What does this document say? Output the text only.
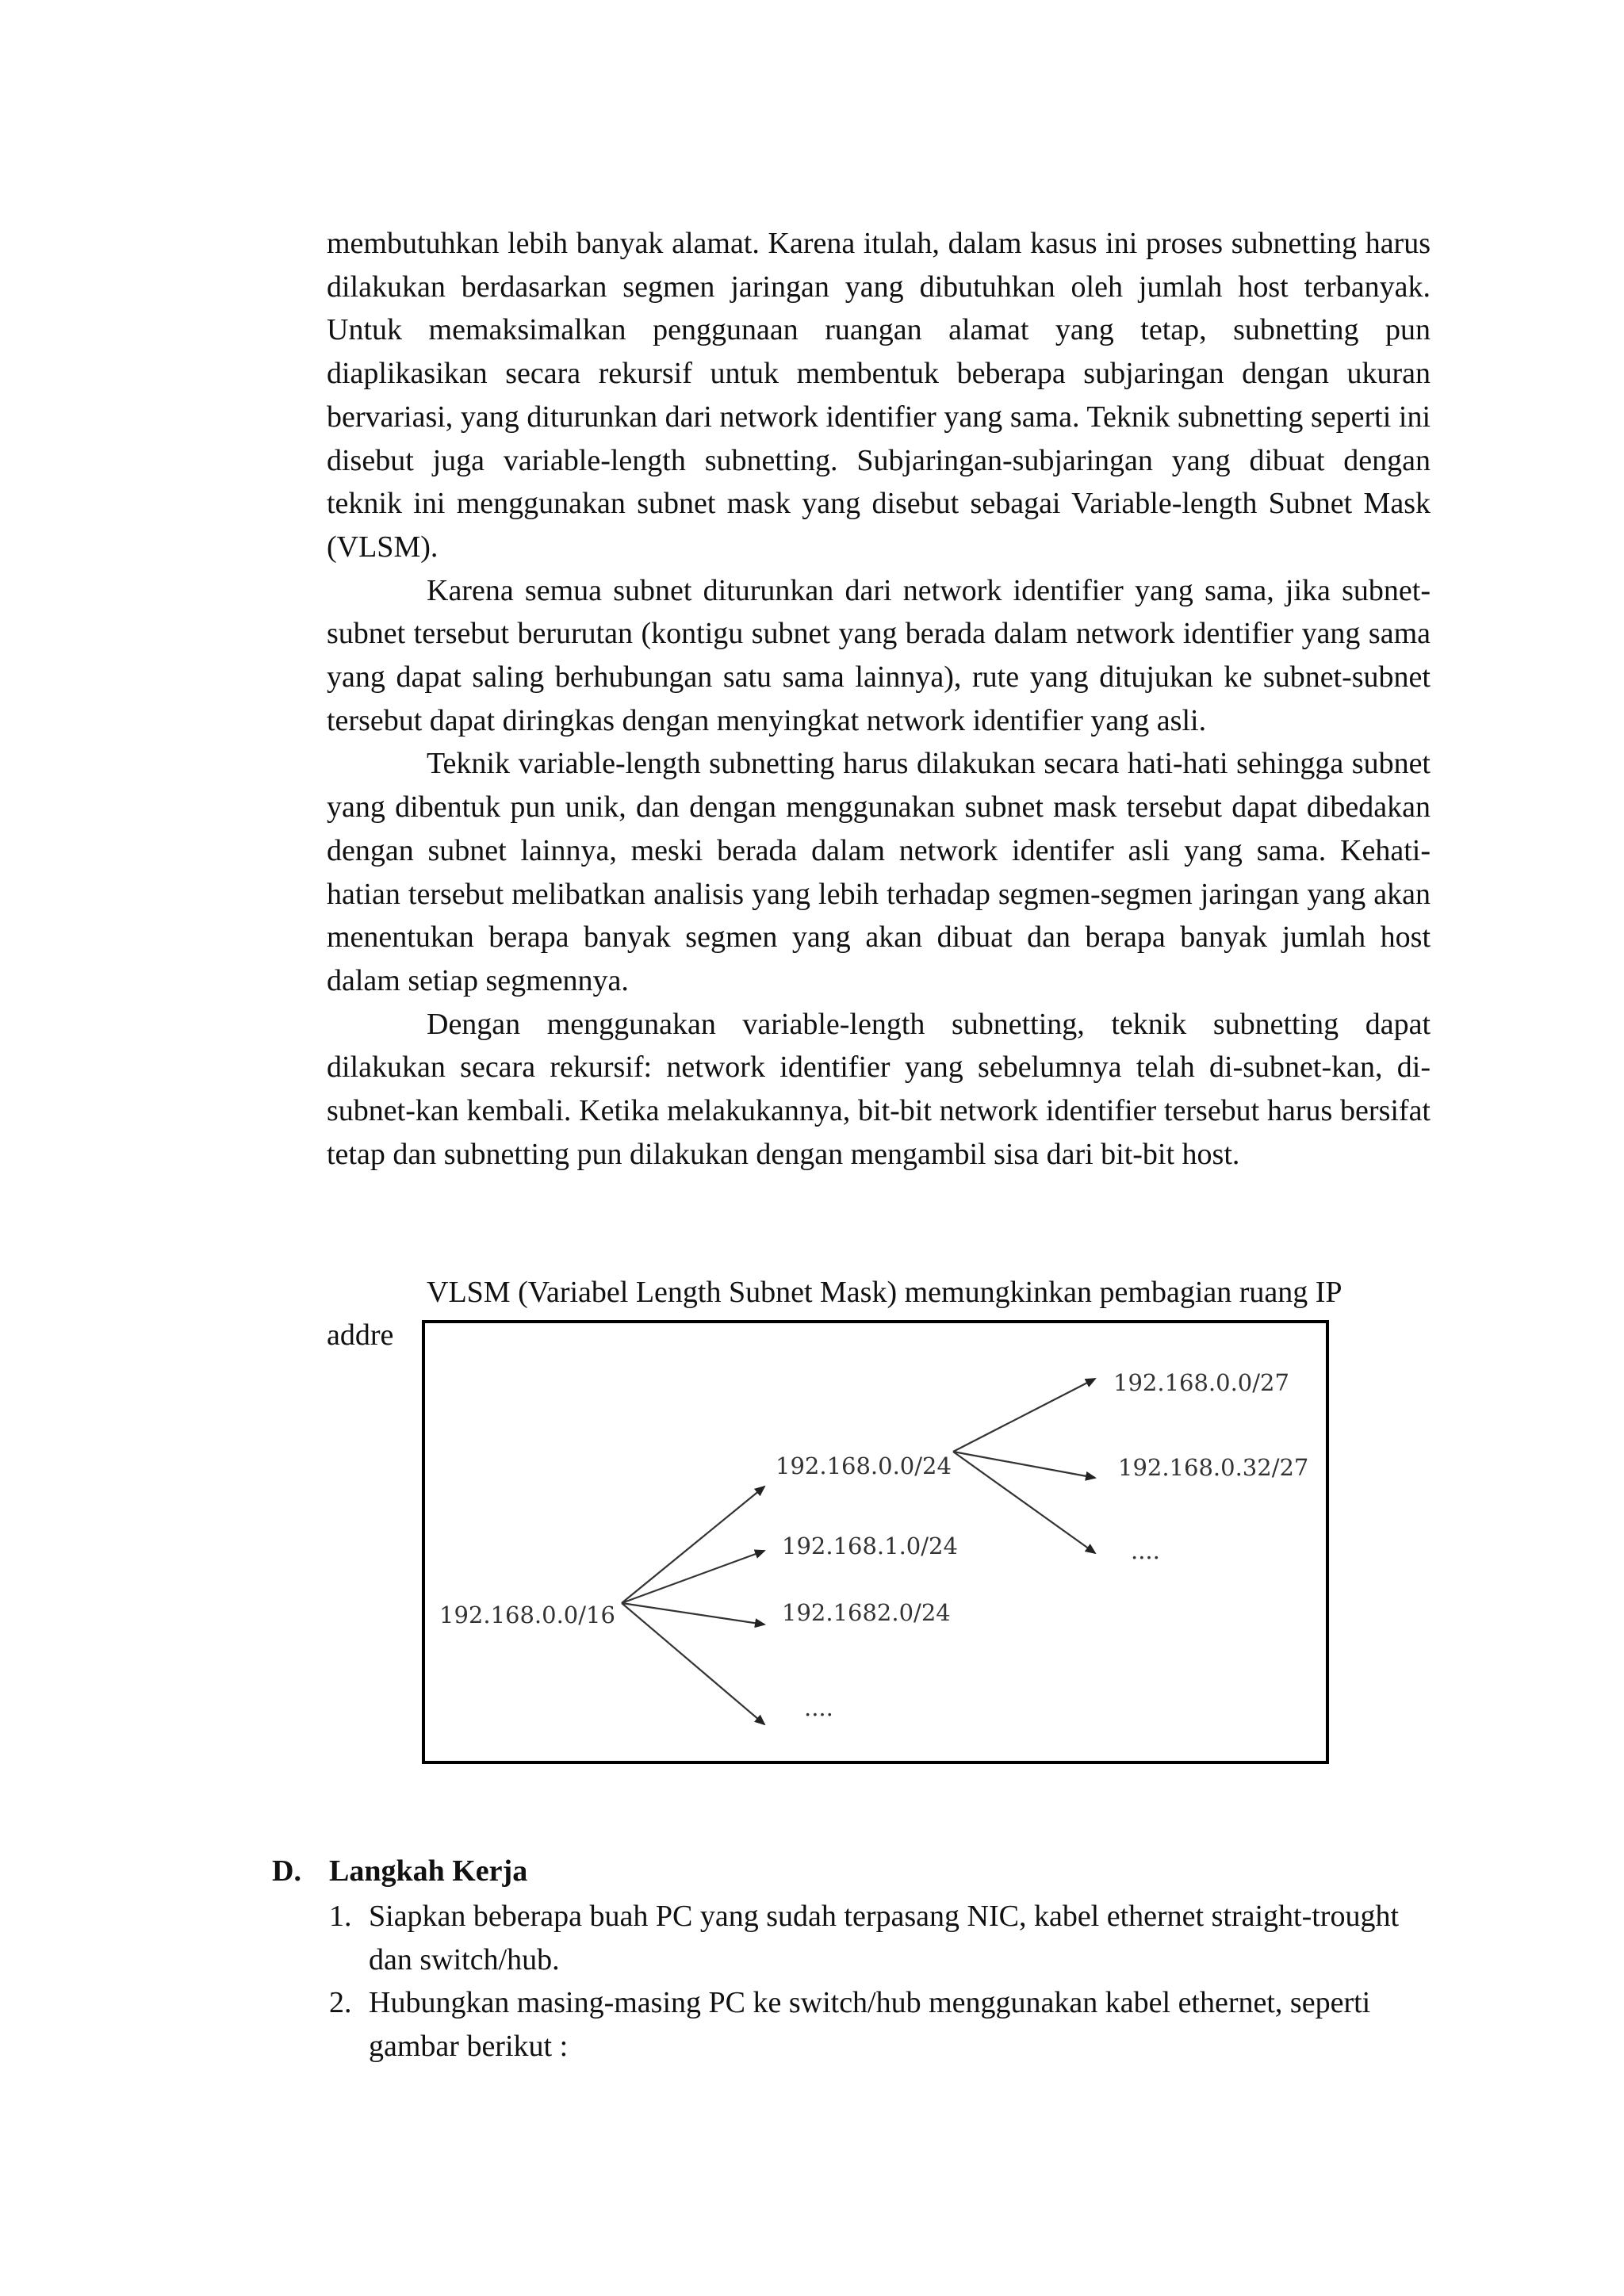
membutuhkan lebih banyak alamat. Karena itulah, dalam kasus ini proses subnetting harus dilakukan berdasarkan segmen jaringan yang dibutuhkan oleh jumlah host terbanyak. Untuk memaksimalkan penggunaan ruangan alamat yang tetap, subnetting pun diaplikasikan secara rekursif untuk membentuk beberapa subjaringan dengan ukuran bervariasi, yang diturunkan dari network identifier yang sama. Teknik subnetting seperti ini disebut juga variable-length subnetting. Subjaringan-subjaringan yang dibuat dengan teknik ini menggunakan subnet mask yang disebut sebagai Variable-length Subnet Mask (VLSM).

Karena semua subnet diturunkan dari network identifier yang sama, jika subnet-subnet tersebut berurutan (kontigu subnet yang berada dalam network identifier yang sama yang dapat saling berhubungan satu sama lainnya), rute yang ditujukan ke subnet-subnet tersebut dapat diringkas dengan menyingkat network identifier yang asli.

Teknik variable-length subnetting harus dilakukan secara hati-hati sehingga subnet yang dibentuk pun unik, dan dengan menggunakan subnet mask tersebut dapat dibedakan dengan subnet lainnya, meski berada dalam network identifer asli yang sama. Kehati-hatian tersebut melibatkan analisis yang lebih terhadap segmen-segmen jaringan yang akan menentukan berapa banyak segmen yang akan dibuat dan berapa banyak jumlah host dalam setiap segmennya.

Dengan menggunakan variable-length subnetting, teknik subnetting dapat dilakukan secara rekursif: network identifier yang sebelumnya telah di-subnet-kan, di-subnet-kan kembali. Ketika melakukannya, bit-bit network identifier tersebut harus bersifat tetap dan subnetting pun dilakukan dengan mengambil sisa dari bit-bit host.

VLSM (Variabel Length Subnet Mask) memungkinkan pembagian ruang IP
addre
192.168.0.0/16
192.168.0.0/24
192.168.1.0/24
192.1682.0/24
....
192.168.0.0/27
192.168.0.32/27
....
D. Langkah Kerja
1. Siapkan beberapa buah PC yang sudah terpasang NIC, kabel ethernet straight-trought dan switch/hub.
2. Hubungkan masing-masing PC ke switch/hub menggunakan kabel ethernet, seperti gambar berikut :
